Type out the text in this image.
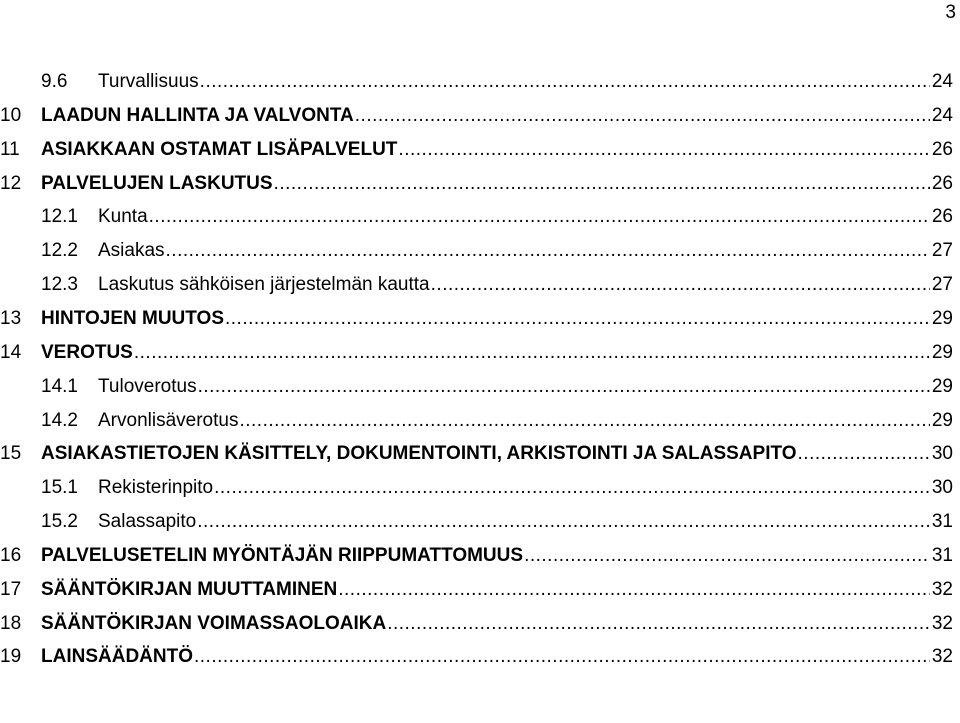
3
9.6	Turvallisuus .....	24
10	LAADUN HALLINTA JA VALVONTA .....	24
11	ASIAKKAAN OSTAMAT LISÄPALVELUT .....	26
12	PALVELUJEN LASKUTUS .....	26
12.1	Kunta .....	26
12.2	Asiakas .....	27
12.3	Laskutus sähköisen järjestelmän kautta .....	27
13	HINTOJEN MUUTOS .....	29
14	VEROTUS .....	29
14.1	Tuloverotus .....	29
14.2	Arvonlisäverotus .....	29
15	ASIAKASTIETOJEN KÄSITTELY, DOKUMENTOINTI, ARKISTOINTI JA SALASSAPITO .....	30
15.1	Rekisterinpito .....	30
15.2	Salassapito .....	31
16	PALVELUSETELIN MYÖNTÄJÄN RIIPPUMATTOMUUS .....	31
17	SÄÄNTÖKIRJAN MUUTTAMINEN .....	32
18	SÄÄNTÖKIRJAN VOIMASSAOLOAIKA .....	32
19	LAINSÄÄDÄNTÖ .....	32
